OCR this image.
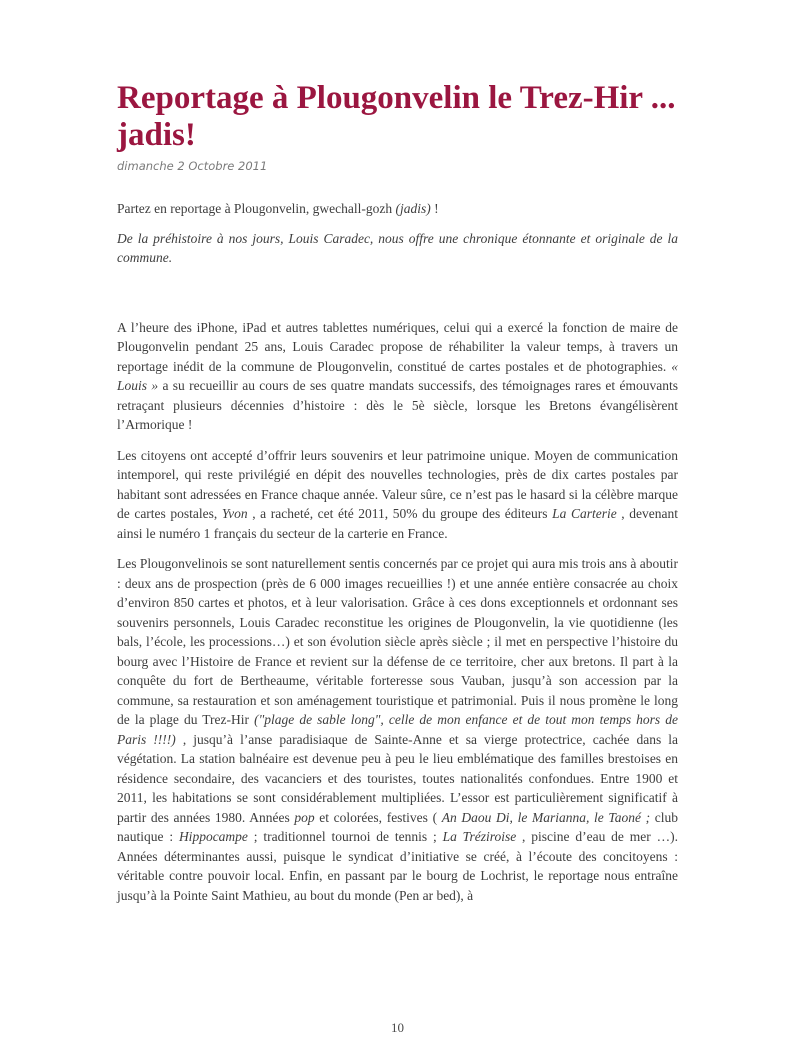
Reportage à Plougonvelin le Trez-Hir ... jadis!
dimanche 2 Octobre 2011

Partez en reportage à Plougonvelin, gwechall-gozh (jadis) !

De la préhistoire à nos jours, Louis Caradec, nous offre une chronique étonnante et originale de la commune.

A l’heure des iPhone, iPad et autres tablettes numériques, celui qui a exercé la fonction de maire de Plougonvelin pendant 25 ans, Louis Caradec propose de réhabiliter la valeur temps, à travers un reportage inédit de la commune de Plougonvelin, constitué de cartes postales et de photographies. « Louis » a su recueillir au cours de ses quatre mandats successifs, des témoignages rares et émouvants retraçant plusieurs décennies d’histoire : dès le 5è siècle, lorsque les Bretons évangélisèrent l’Armorique !

Les citoyens ont accepté d’offrir leurs souvenirs et leur patrimoine unique. Moyen de communication intemporel, qui reste privilégié en dépit des nouvelles technologies, près de dix cartes postales par habitant sont adressées en France chaque année. Valeur sûre, ce n’est pas le hasard si la célèbre marque de cartes postales, Yvon , a racheté, cet été 2011, 50% du groupe des éditeurs La Carterie , devenant ainsi le numéro 1 français du secteur de la carterie en France.

Les Plougonvelinois se sont naturellement sentis concernés par ce projet qui aura mis trois ans à aboutir : deux ans de prospection (près de 6 000 images recueillies !) et une année entière consacrée au choix d’environ 850 cartes et photos, et à leur valorisation. Grâce à ces dons exceptionnels et ordonnant ses souvenirs personnels, Louis Caradec reconstitue les origines de Plougonvelin, la vie quotidienne (les bals, l’école, les processions…) et son évolution siècle après siècle ; il met en perspective l’histoire du bourg avec l’Histoire de France et revient sur la défense de ce territoire, cher aux bretons. Il part à la conquête du fort de Bertheaume, véritable forteresse sous Vauban, jusqu’à son accession par la commune, sa restauration et son aménagement touristique et patrimonial. Puis il nous promène le long de la plage du Trez-Hir ("plage de sable long", celle de mon enfance et de tout mon temps hors de Paris !!!!) , jusqu’à l’anse paradisiaque de Sainte-Anne et sa vierge protectrice, cachée dans la végétation. La station balnéaire est devenue peu à peu le lieu emblématique des familles brestoises en résidence secondaire, des vacanciers et des touristes, toutes nationalités confondues. Entre 1900 et 2011, les habitations se sont considérablement multipliées. L’essor est particulièrement significatif à partir des années 1980. Années pop et colorées, festives ( An Daou Di, le Marianna, le Taoné ; club nautique : Hippocampe ; traditionnel tournoi de tennis ; La Tréziroise , piscine d’eau de mer …). Années déterminantes aussi, puisque le syndicat d’initiative se créé, à l’écoute des concitoyens : véritable contre pouvoir local. Enfin, en passant par le bourg de Lochrist, le reportage nous entraîne jusqu’à la Pointe Saint Mathieu, au bout du monde (Pen ar bed), à

10
